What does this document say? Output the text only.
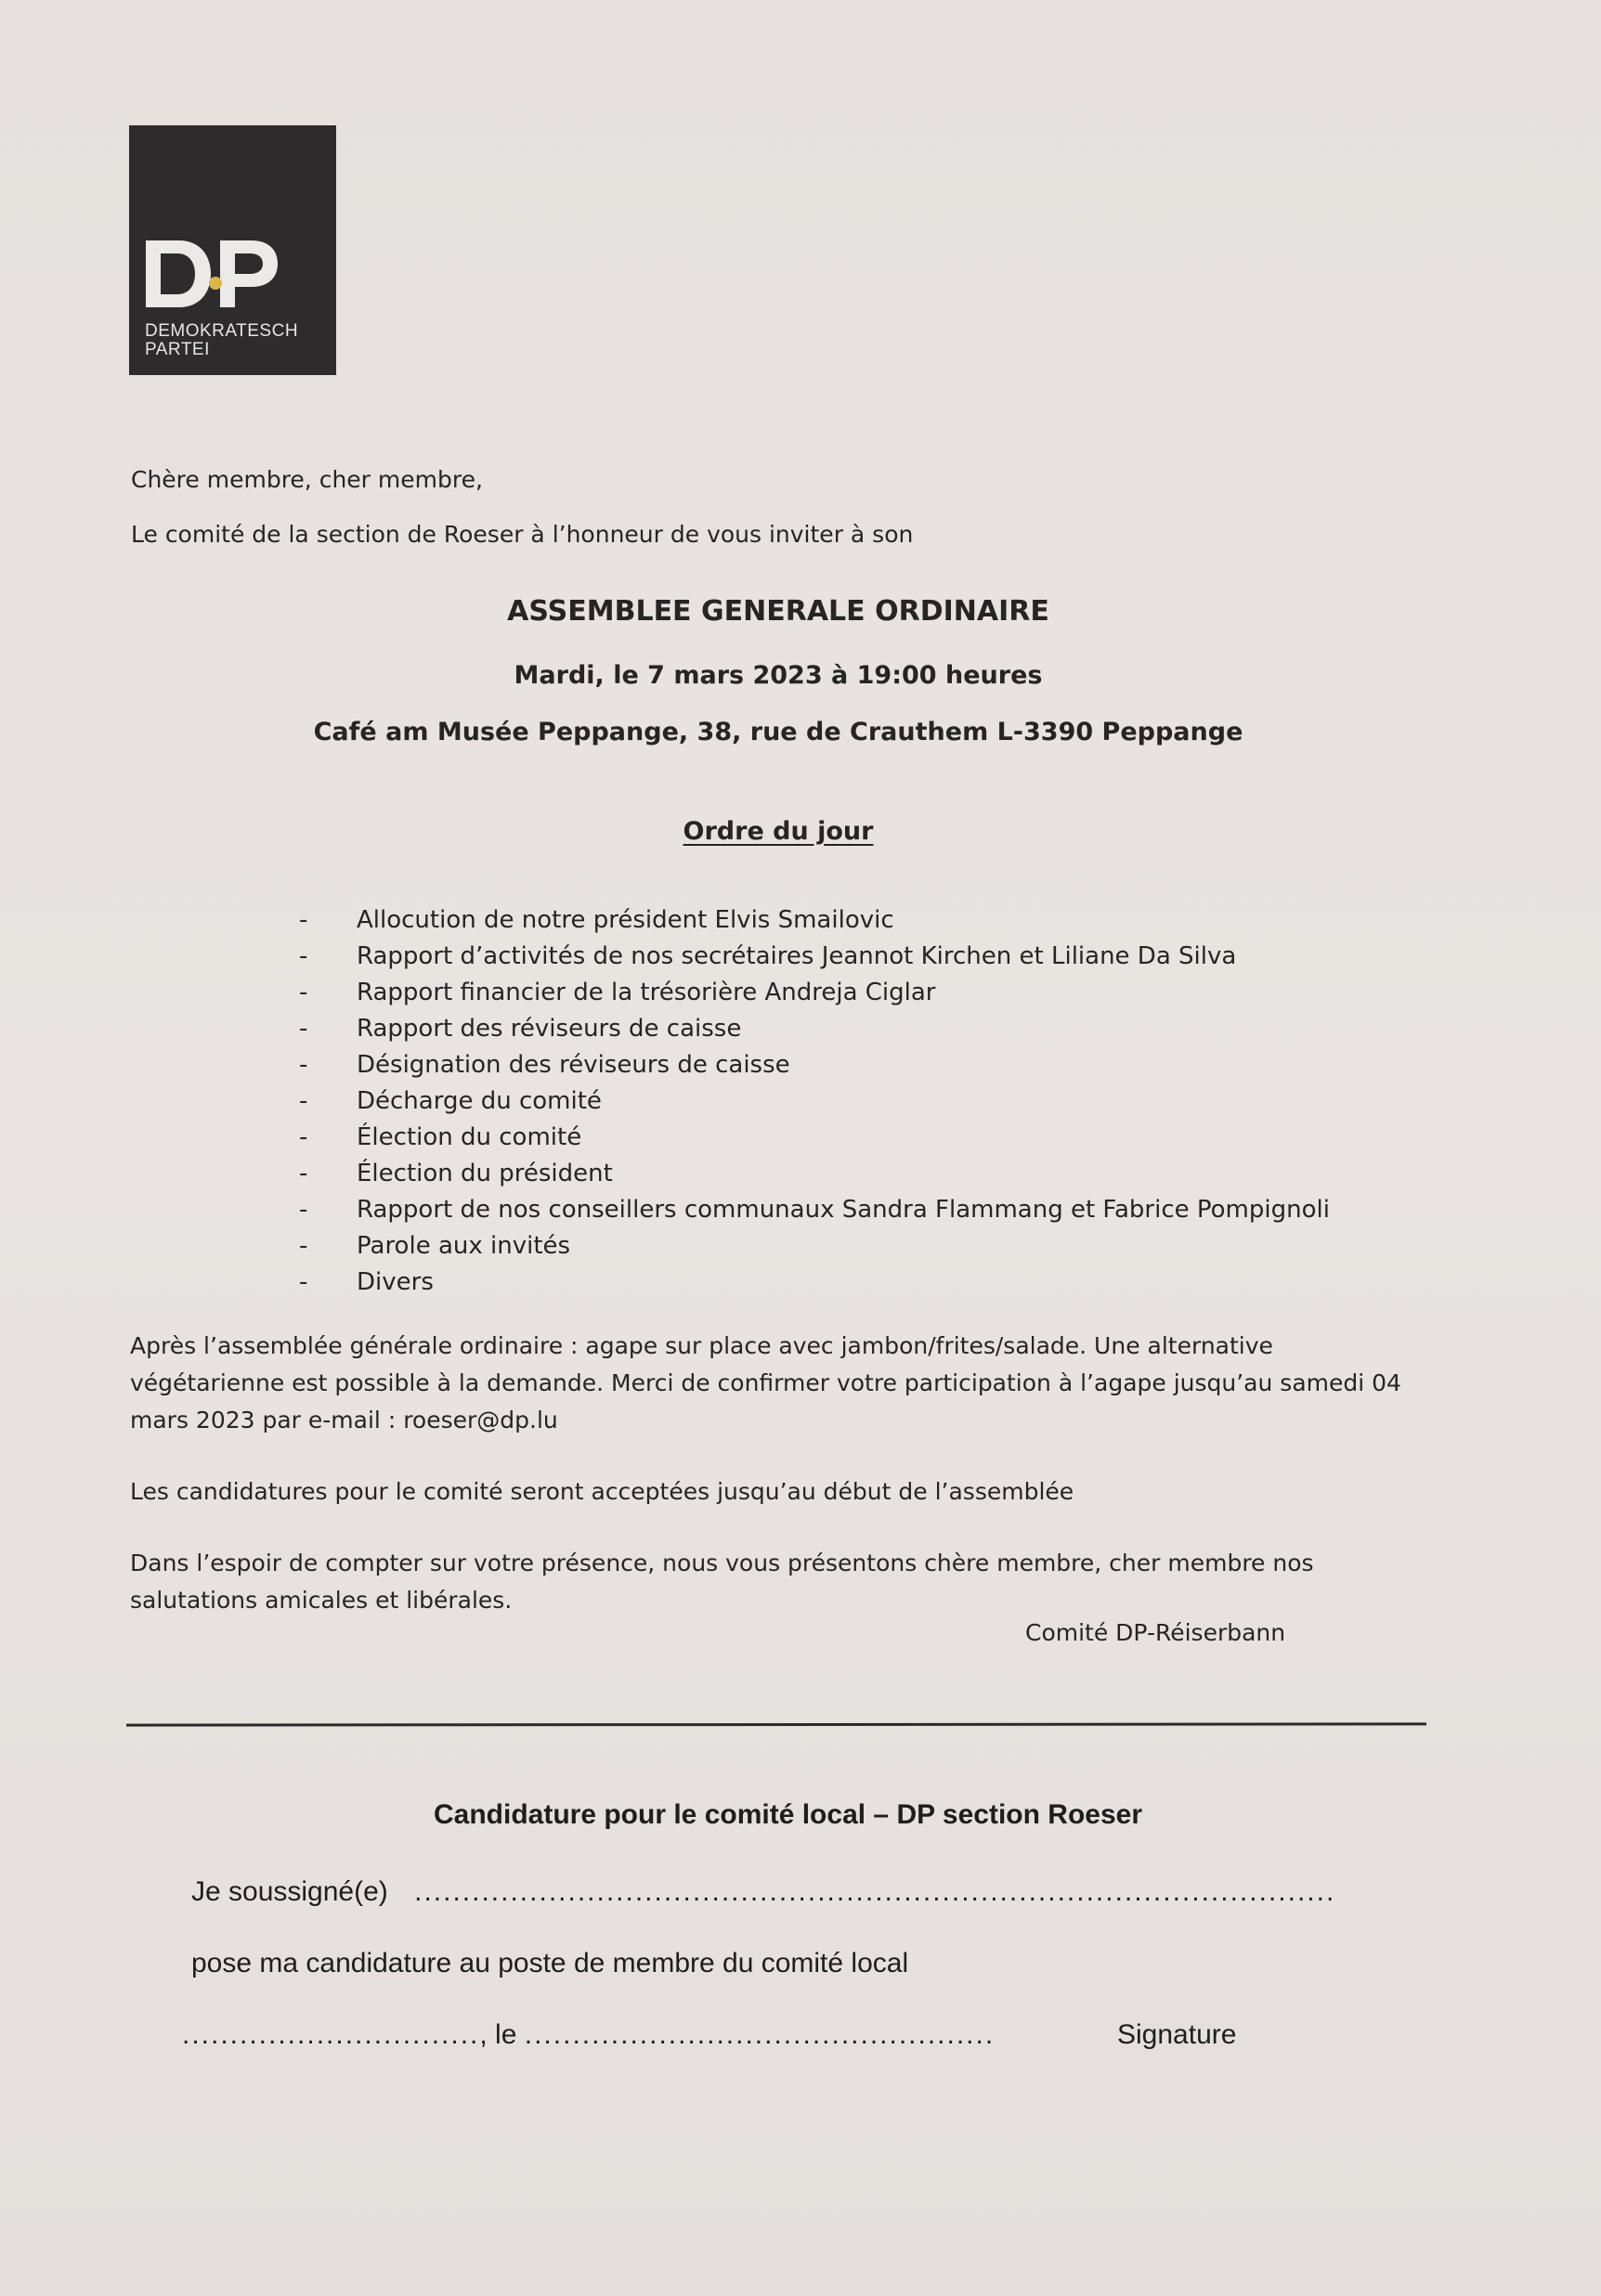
DEMOKRATESCH
PARTEI
Chère membre, cher membre,
Le comité de la section de Roeser à l’honneur de vous inviter à son
ASSEMBLEE GENERALE ORDINAIRE
Mardi, le 7 mars 2023 à 19:00 heures
Café am Musée Peppange, 38, rue de Crauthem L-3390 Peppange
Ordre du jour
-	Allocution de notre président Elvis Smailovic
-	Rapport d’activités de nos secrétaires Jeannot Kirchen et Liliane Da Silva
-	Rapport financier de la trésorière Andreja Ciglar
-	Rapport des réviseurs de caisse
-	Désignation des réviseurs de caisse
-	Décharge du comité
-	Élection du comité
-	Élection du président
-	Rapport de nos conseillers communaux Sandra Flammang et Fabrice Pompignoli
-	Parole aux invités
-	Divers
Après l’assemblée générale ordinaire : agape sur place avec jambon/frites/salade. Une alternative
végétarienne est possible à la demande. Merci de confirmer votre participation à l’agape jusqu’au samedi 04
mars 2023 par e-mail : roeser@dp.lu
Les candidatures pour le comité seront acceptées jusqu’au début de l’assemblée
Dans l’espoir de compter sur votre présence, nous vous présentons chère membre, cher membre nos
salutations amicales et libérales.
Comité DP-Réiserbann
Candidature pour le comité local – DP section Roeser
Je soussigné(e) ................................................................................................
pose ma candidature au poste de membre du comité local
..............................., le .................................................	Signature
